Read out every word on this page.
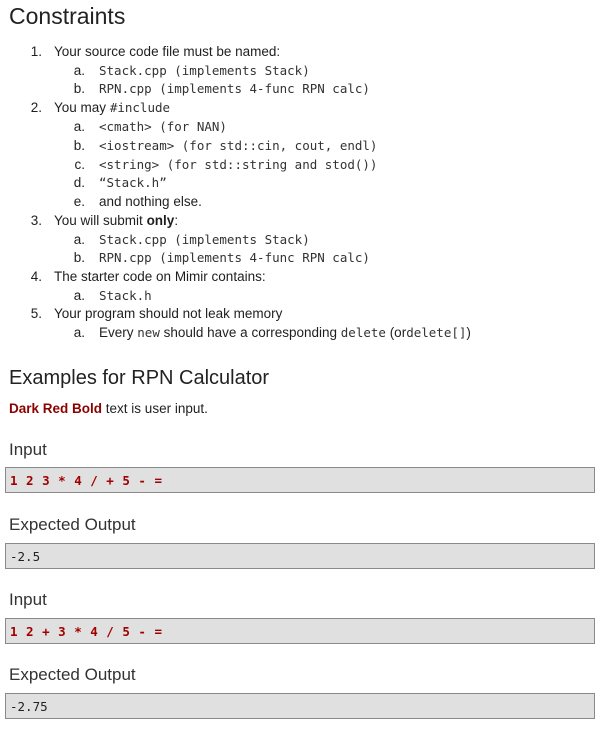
Constraints
1. Your source code file must be named:
a. Stack.cpp (implements Stack)
b. RPN.cpp (implements 4-func RPN calc)
2. You may #include
a. <cmath> (for NAN)
b. <iostream> (for std::cin, cout, endl)
c. <string> (for std::string and stod())
d. “Stack.h”
e. and nothing else.
3. You will submit only:
a. Stack.cpp (implements Stack)
b. RPN.cpp (implements 4-func RPN calc)
4. The starter code on Mimir contains:
a. Stack.h
5. Your program should not leak memory
a. Every new should have a corresponding delete (ordelete[])
Examples for RPN Calculator
Dark Red Bold text is user input.
Input
1 2 3 * 4 / + 5 - =
Expected Output
-2.5
Input
1 2 + 3 * 4 / 5 - =
Expected Output
-2.75
